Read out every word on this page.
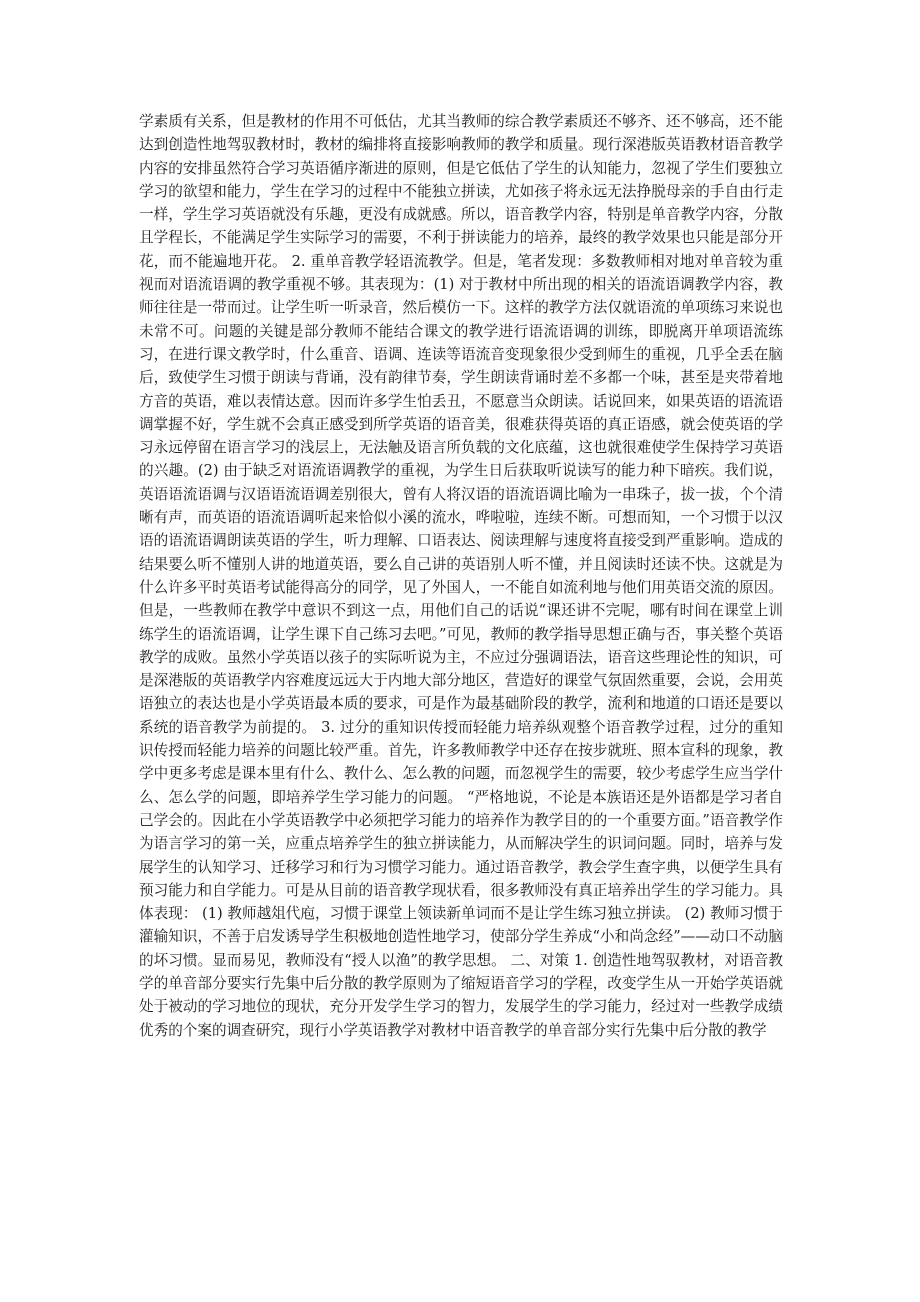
学素质有关系，但是教材的作用不可低估，尤其当教师的综合教学素质还不够齐、还不够高，还不能达到创造性地驾驭教材时，教材的编排将直接影响教师的教学和质量。现行深港版英语教材语音教学内容的安排虽然符合学习英语循序渐进的原则，但是它低估了学生的认知能力，忽视了学生们要独立学习的欲望和能力，学生在学习的过程中不能独立拼读，尤如孩子将永远无法挣脱母亲的手自由行走一样，学生学习英语就没有乐趣，更没有成就感。所以，语音教学内容，特别是单音教学内容，分散且学程长，不能满足学生实际学习的需要，不利于拼读能力的培养，最终的教学效果也只能是部分开花，而不能遍地开花。 2. 重单音教学轻语流教学。但是，笔者发现：多数教师相对地对单音较为重视而对语流语调的教学重视不够。其表现为：(1) 对于教材中所出现的相关的语流语调教学内容，教师往往是一带而过。让学生听一听录音，然后模仿一下。这样的教学方法仅就语流的单项练习来说也未常不可。问题的关键是部分教师不能结合课文的教学进行语流语调的训练，即脱离开单项语流练习，在进行课文教学时，什么重音、语调、连读等语流音变现象很少受到师生的重视，几乎全丢在脑后，致使学生习惯于朗读与背诵，没有韵律节奏，学生朗读背诵时差不多都一个味，甚至是夹带着地方音的英语，难以表情达意。因而许多学生怕丢丑，不愿意当众朗读。话说回来，如果英语的语流语调掌握不好，学生就不会真正感受到所学英语的语音美，很难获得英语的真正语感，就会使英语的学习永远停留在语言学习的浅层上，无法触及语言所负载的文化底蕴，这也就很难使学生保持学习英语的兴趣。(2) 由于缺乏对语流语调教学的重视，为学生日后获取听说读写的能力种下暗疾。我们说，英语语流语调与汉语语流语调差别很大，曾有人将汉语的语流语调比喻为一串珠子，拔一拔，个个清晰有声，而英语的语流语调听起来恰似小溪的流水，哗啦啦，连续不断。可想而知，一个习惯于以汉语的语流语调朗读英语的学生，听力理解、口语表达、阅读理解与速度将直接受到严重影响。造成的结果要么听不懂别人讲的地道英语，要么自己讲的英语别人听不懂，并且阅读时还读不快。这就是为什么许多平时英语考试能得高分的同学，见了外国人，一不能自如流利地与他们用英语交流的原因。但是，一些教师在教学中意识不到这一点，用他们自己的话说“课还讲不完呢，哪有时间在课堂上训练学生的语流语调，让学生课下自己练习去吧。”可见，教师的教学指导思想正确与否，事关整个英语教学的成败。虽然小学英语以孩子的实际听说为主，不应过分强调语法，语音这些理论性的知识，可是深港版的英语教学内容难度远远大于内地大部分地区，营造好的课堂气氛固然重要，会说，会用英语独立的表达也是小学英语最本质的要求，可是作为最基础阶段的教学，流利和地道的口语还是要以系统的语音教学为前提的。 3. 过分的重知识传授而轻能力培养纵观整个语音教学过程，过分的重知识传授而轻能力培养的问题比较严重。首先，许多教师教学中还存在按步就班、照本宣科的现象，教学中更多考虑是课本里有什么、教什么、怎么教的问题，而忽视学生的需要，较少考虑学生应当学什么、怎么学的问题，即培养学生学习能力的问题。 “严格地说，不论是本族语还是外语都是学习者自己学会的。因此在小学英语教学中必须把学习能力的培养作为教学目的的一个重要方面。”语音教学作为语言学习的第一关，应重点培养学生的独立拼读能力，从而解决学生的识词问题。同时，培养与发展学生的认知学习、迁移学习和行为习惯学习能力。通过语音教学，教会学生查字典，以便学生具有预习能力和自学能力。可是从目前的语音教学现状看，很多教师没有真正培养出学生的学习能力。具体表现： (1) 教师越俎代庖，习惯于课堂上领读新单词而不是让学生练习独立拼读。 (2) 教师习惯于灌输知识，不善于启发诱导学生积极地创造性地学习，使部分学生养成“小和尚念经”——动口不动脑的坏习惯。显而易见，教师没有“授人以渔”的教学思想。 二、对策 1. 创造性地驾驭教材，对语音教学的单音部分要实行先集中后分散的教学原则为了缩短语音学习的学程，改变学生从一开始学英语就处于被动的学习地位的现状，充分开发学生学习的智力，发展学生的学习能力，经过对一些教学成绩优秀的个案的调查研究，现行小学英语教学对教材中语音教学的单音部分实行先集中后分散的教学
